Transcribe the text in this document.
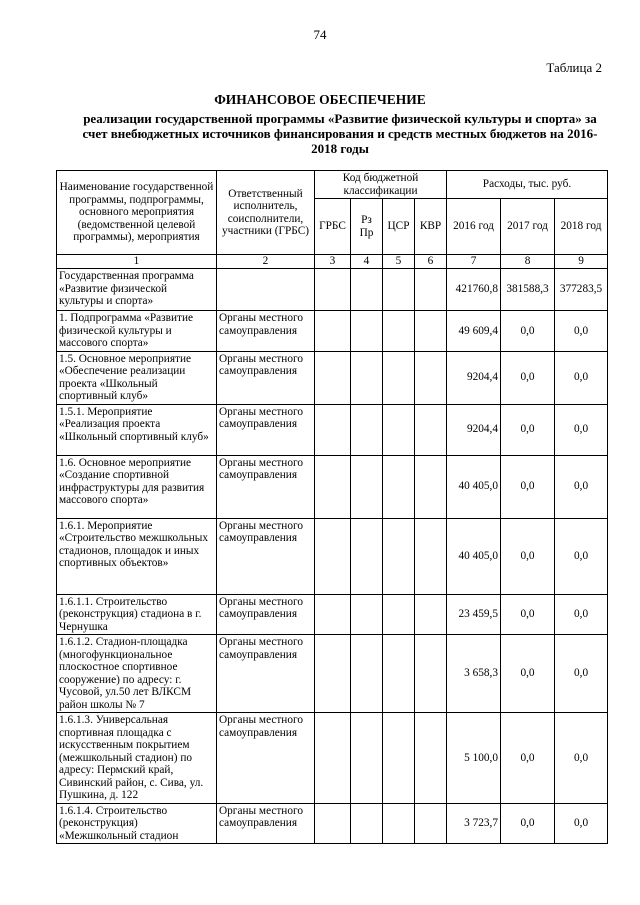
74
Таблица 2
ФИНАНСОВОЕ ОБЕСПЕЧЕНИЕ
реализации государственной программы «Развитие физической культуры и спорта» за счет внебюджетных источников финансирования и средств местных бюджетов на 2016-2018 годы
Наименование государственной программы, подпрограммы, основного мероприятия (ведомственной целевой программы), мероприятия	Ответственный исполнитель, соисполнители, участники (ГРБС)	Код бюджетной классификации				Расходы, тыс. руб.		
		ГРБС	Рз Пр	ЦСР	КВР	2016 год	2017 год	2018 год
1	2	3	4	5	6	7	8	9
Государственная программа «Развитие физической культуры и спорта»						421760,8	381588,3	377283,5
1. Подпрограмма «Развитие физической культуры и массового спорта»	Органы местного самоуправления					49 609,4	0,0	0,0
1.5. Основное мероприятие «Обеспечение реализации проекта «Школьный спортивный клуб»	Органы местного самоуправления					9204,4	0,0	0,0
1.5.1. Мероприятие «Реализация проекта «Школьный спортивный клуб»	Органы местного самоуправления					9204,4	0,0	0,0
1.6. Основное мероприятие «Создание спортивной инфраструктуры для развития массового спорта»	Органы местного самоуправления					40 405,0	0,0	0,0
1.6.1. Мероприятие «Строительство межшкольных стадионов, площадок и иных спортивных объектов»	Органы местного самоуправления					40 405,0	0,0	0,0
1.6.1.1. Строительство (реконструкция) стадиона в г. Чернушка	Органы местного самоуправления					23 459,5	0,0	0,0
1.6.1.2. Стадион-площадка (многофункциональное плоскостное спортивное сооружение) по адресу: г. Чусовой, ул.50 лет ВЛКСМ район школы № 7	Органы местного самоуправления					3 658,3	0,0	0,0
1.6.1.3. Универсальная спортивная площадка с искусственным покрытием (межшкольный стадион) по адресу: Пермский край, Сивинский район, с. Сива, ул. Пушкина, д. 122	Органы местного самоуправления					5 100,0	0,0	0,0
1.6.1.4. Строительство (реконструкция) «Межшкольный стадион	Органы местного самоуправления					3 723,7	0,0	0,0
